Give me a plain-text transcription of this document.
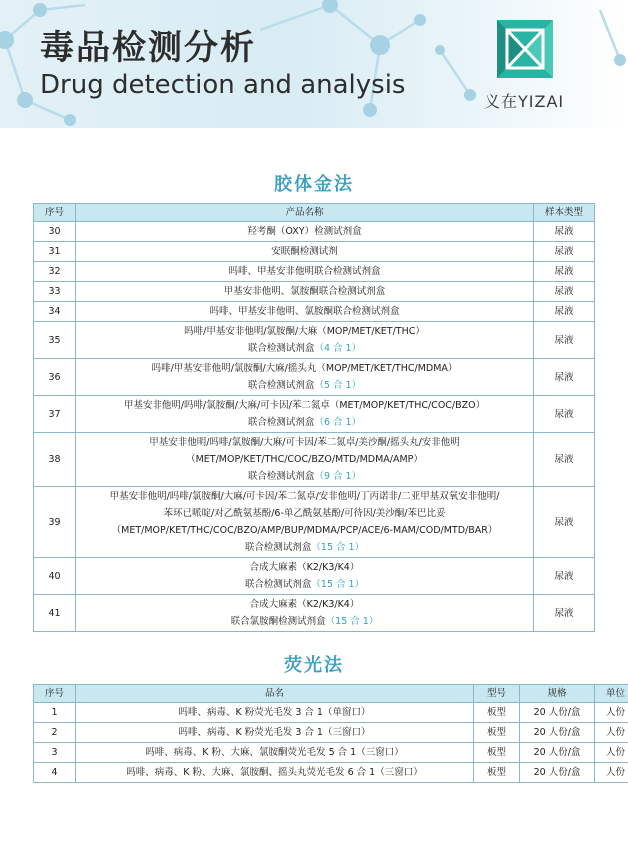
毒品检测分析
Drug detection and analysis
义在YIZAI
胶体金法
序号	产品名称	样本类型
30	羟考酮（OXY）检测试剂盒	尿液
31	安眠酮检测试剂	尿液
32	吗啡、甲基安非他明联合检测试剂盒	尿液
33	甲基安非他明、氯胺酮联合检测试剂盒	尿液
34	吗啡、甲基安非他明、氯胺酮联合检测试剂盒	尿液
35	吗啡/甲基安非他明/氯胺酮/大麻（MOP/MET/KET/THC）
联合检测试剂盒（4 合 1）	尿液
36	吗啡/甲基安非他明/氯胺酮/大麻/摇头丸（MOP/MET/KET/THC/MDMA）
联合检测试剂盒（5 合 1）	尿液
37	甲基安非他明/吗啡/氯胺酮/大麻/可卡因/苯二氮卓（MET/MOP/KET/THC/COC/BZO）
联合检测试剂盒（6 合 1）	尿液
38	甲基安非他明/吗啡/氯胺酮/大麻/可卡因/苯二氮卓/美沙酮/摇头丸/安非他明
（MET/MOP/KET/THC/COC/BZO/MTD/MDMA/AMP）
联合检测试剂盒（9 合 1）	尿液
39	甲基安非他明/吗啡/氯胺酮/大麻/可卡因/苯二氮卓/安非他明/丁丙诺非/二亚甲基双氧安非他明/
苯环已哌啶/对乙酰氨基酚/6-单乙酰氨基酚/可待因/美沙酮/苯巴比妥
（MET/MOP/KET/THC/COC/BZO/AMP/BUP/MDMA/PCP/ACE/6-MAM/COD/MTD/BAR）
联合检测试剂盒（15 合 1）	尿液
40	合成大麻素（K2/K3/K4）
联合检测试剂盒（15 合 1）	尿液
41	合成大麻素（K2/K3/K4）
联合氯胺酮检测试剂盒（15 合 1）	尿液
荧光法
序号	品名	型号	规格	单位
1	吗啡、病毒、K 粉荧光毛发 3 合 1（单窗口）	板型	20 人份/盒	人份
2	吗啡、病毒、K 粉荧光毛发 3 合 1（三窗口）	板型	20 人份/盒	人份
3	吗啡、病毒、K 粉、大麻、氯胺酮荧光毛发 5 合 1（三窗口）	板型	20 人份/盒	人份
4	吗啡、病毒、K 粉、大麻、氯胺酮、摇头丸荧光毛发 6 合 1（三窗口）	板型	20 人份/盒	人份
